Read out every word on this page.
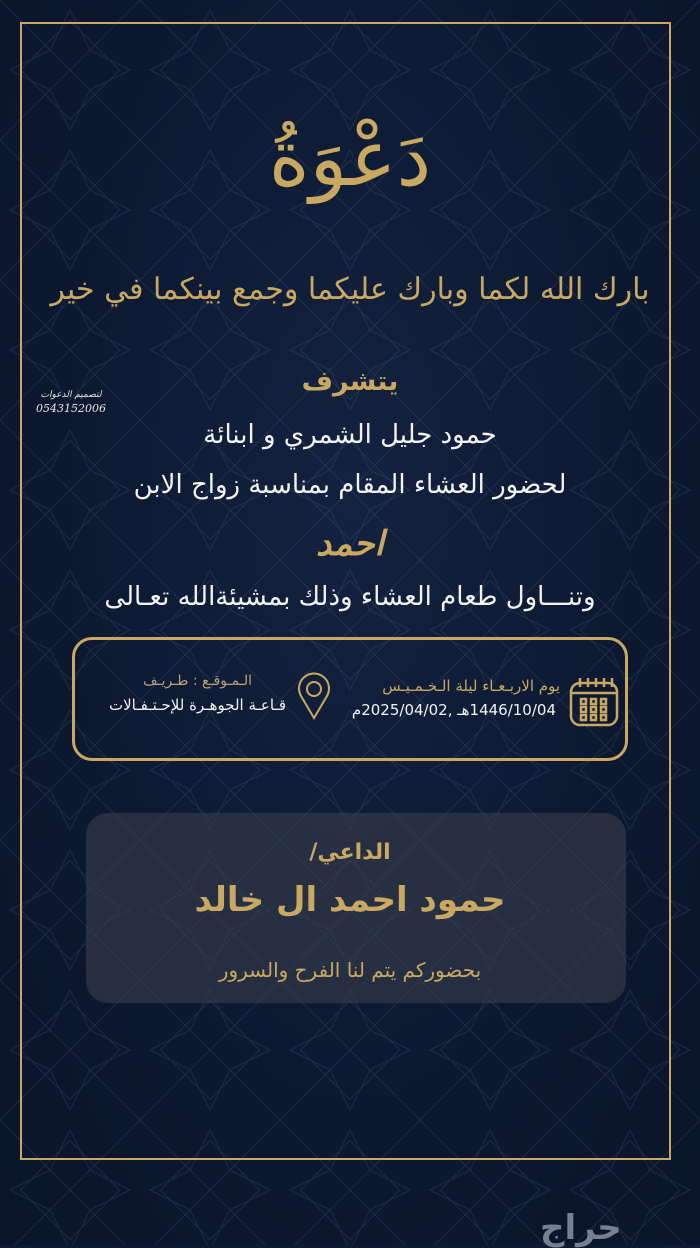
دَعْوَةُ
بارك الله لكما وبارك عليكما وجمع بينكما في خير
لتصميم الدعوات
0543152006
يتشرف
حمود جليل الشمري و ابنائة
لحضور العشاء المقام بمناسبة زواج الابن
احمد
وتنـــاول طعام العشاء وذلك بمشيئةالله تعـالى
يوم الاربـعـاء ليلة الـخـمـيـس
1446/10/04هـ ,2025/04/02م
الـمـوقـع : طـريـف
قـاعـة الجوهـرة للإحـتـفـالات
الداعي/
حمود احمد ال خالد
بحضوركم يتم لنا الفرح والسرور
حراج
